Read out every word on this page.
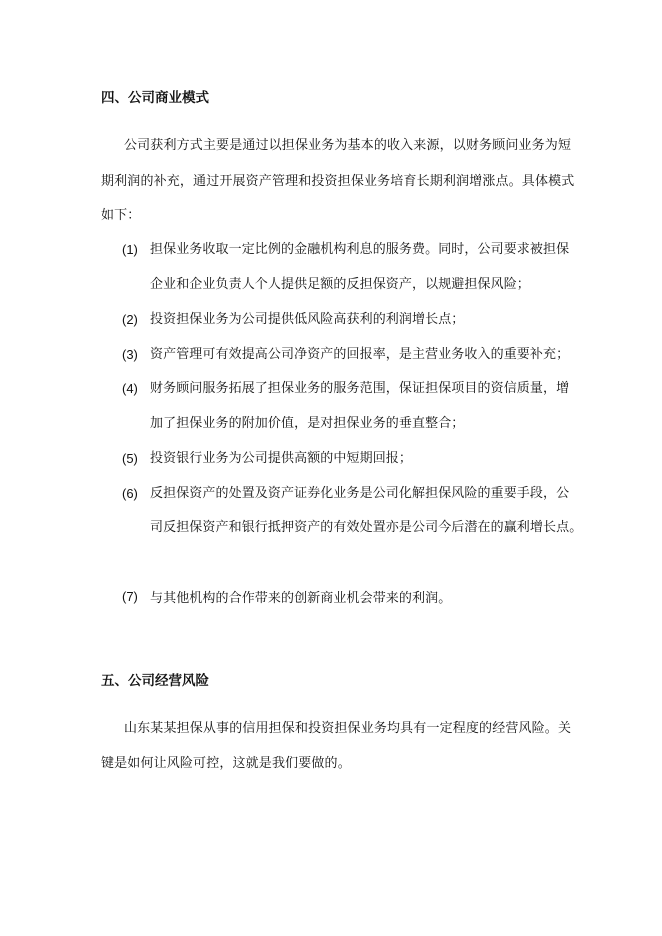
四、公司商业模式
公司获利方式主要是通过以担保业务为基本的收入来源，以财务顾问业务为短
期利润的补充，通过开展资产管理和投资担保业务培育长期利润增涨点。具体模式
如下：
(1) 担保业务收取一定比例的金融机构利息的服务费。同时，公司要求被担保
企业和企业负责人个人提供足额的反担保资产，以规避担保风险；
(2) 投资担保业务为公司提供低风险高获利的利润增长点；
(3) 资产管理可有效提高公司净资产的回报率，是主营业务收入的重要补充；
(4) 财务顾问服务拓展了担保业务的服务范围，保证担保项目的资信质量，增
加了担保业务的附加价值，是对担保业务的垂直整合；
(5) 投资银行业务为公司提供高额的中短期回报；
(6) 反担保资产的处置及资产证券化业务是公司化解担保风险的重要手段，公
司反担保资产和银行抵押资产的有效处置亦是公司今后潜在的赢利增长点。
(7) 与其他机构的合作带来的创新商业机会带来的利润。
五、公司经营风险
山东某某担保从事的信用担保和投资担保业务均具有一定程度的经营风险。关
键是如何让风险可控，这就是我们要做的。
